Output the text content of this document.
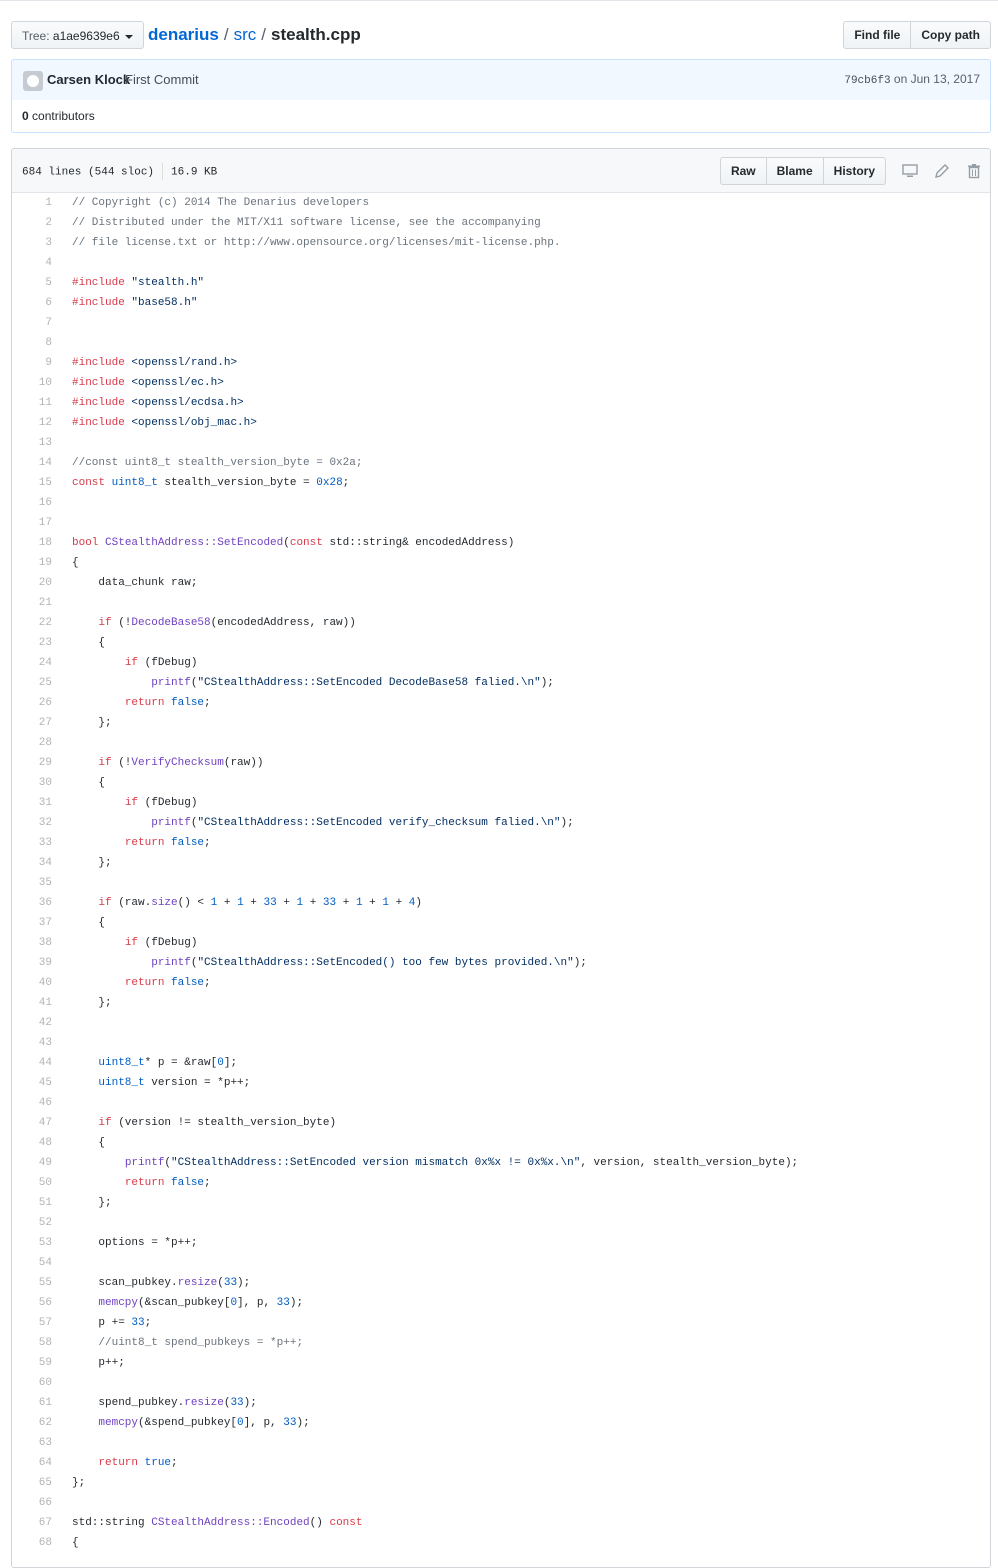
Tree: a1ae9639e6	denarius / src / stealth.cpp	Find file	Copy path
Carsen Klock
First Commit	79cb6f3 on Jun 13, 2017
0 contributors
684 lines (544 sloc) 16.9 KB	Raw	Blame	History
1	// Copyright (c) 2014 The Denarius developers
2	// Distributed under the MIT/X11 software license, see the accompanying
3	// file license.txt or http://www.opensource.org/licenses/mit-license.php.
4
5	#include "stealth.h"
6	#include "base58.h"
7
8
9	#include <openssl/rand.h>
10	#include <openssl/ec.h>
11	#include <openssl/ecdsa.h>
12	#include <openssl/obj_mac.h>
13
14	//const uint8_t stealth_version_byte = 0x2a;
15	const uint8_t stealth_version_byte = 0x28;
16
17
18	bool CStealthAddress::SetEncoded(const std::string& encodedAddress)
19	{
20	data_chunk raw;
21
22	if (!DecodeBase58(encodedAddress, raw))
23	{
24	if (fDebug)
25	printf("CStealthAddress::SetEncoded DecodeBase58 falied.\n");
26	return false;
27	};
28
29	if (!VerifyChecksum(raw))
30	{
31	if (fDebug)
32	printf("CStealthAddress::SetEncoded verify_checksum falied.\n");
33	return false;
34	};
35
36	if (raw.size() < 1 + 1 + 33 + 1 + 33 + 1 + 1 + 4)
37	{
38	if (fDebug)
39	printf("CStealthAddress::SetEncoded() too few bytes provided.\n");
40	return false;
41	};
42
43
44	uint8_t* p = &raw[0];
45	uint8_t version = *p++;
46
47	if (version != stealth_version_byte)
48	{
49	printf("CStealthAddress::SetEncoded version mismatch 0x%x != 0x%x.\n", version, stealth_version_byte);
50	return false;
51	};
52
53	options = *p++;
54
55	scan_pubkey.resize(33);
56	memcpy(&scan_pubkey[0], p, 33);
57	p += 33;
58	//uint8_t spend_pubkeys = *p++;
59	p++;
60
61	spend_pubkey.resize(33);
62	memcpy(&spend_pubkey[0], p, 33);
63
64	return true;
65	};
66
67	std::string CStealthAddress::Encoded() const
68	{
